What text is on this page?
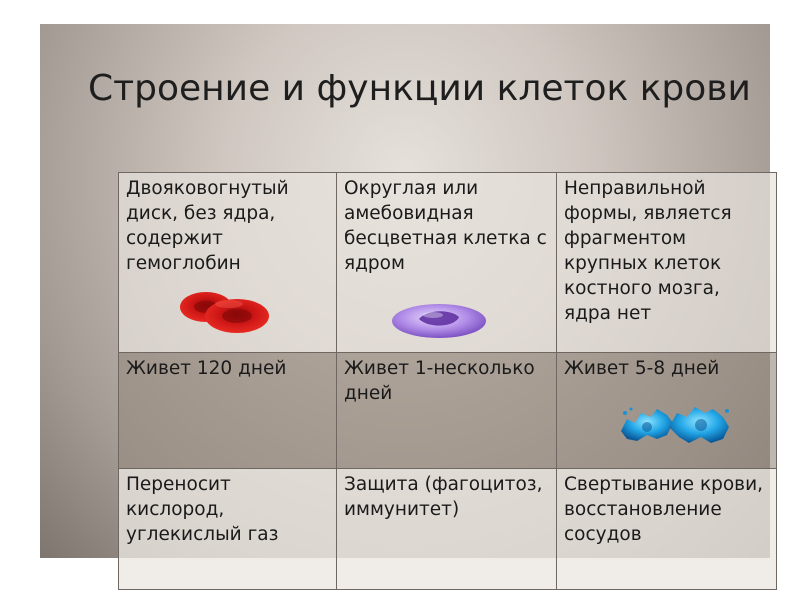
Строение и функции клеток крови
Двояковогнутый диск, без ядра, содержит гемоглобин	Округлая или амебовидная бесцветная клетка с ядром	Неправильной формы, является фрагментом крупных клеток костного мозга, ядра нет

Живет 120 дней	Живет 1-несколько дней	Живет 5-8 дней

Переносит кислород, углекислый газ	Защита (фагоцитоз, иммунитет)	Свертывание крови, восстановление сосудов
